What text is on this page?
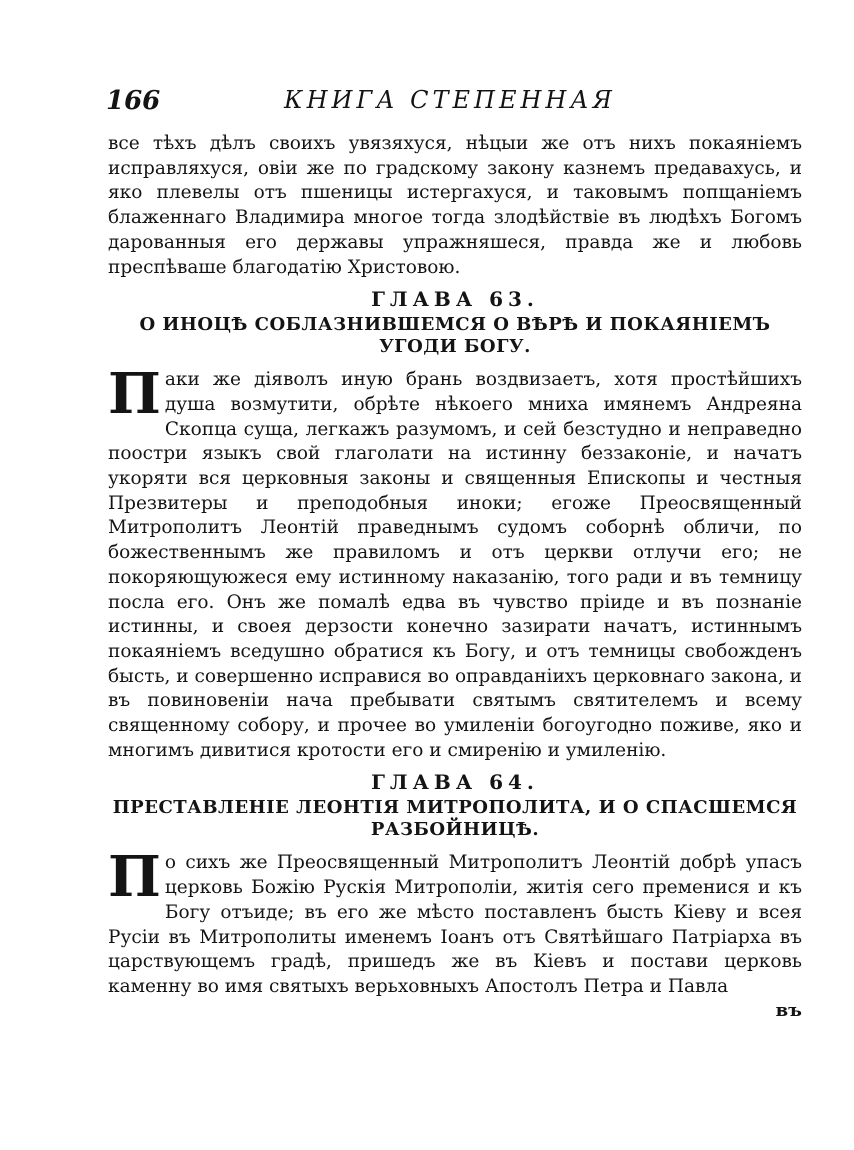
166	КНИГА СТЕПЕННАЯ

все тѣхъ дѣлъ своихъ увязяхуся, нѣцыи же отъ нихъ покаяніемъ исправляхуся, овіи же по градскому закону казнемъ предавахусь, и яко плевелы отъ пшеницы истергахуся, и таковымъ попщаніемъ блаженнаго Владимира многое тогда злодѣйствіе въ людѣхъ Богомъ дарованныя его державы упражняшеся, правда же и любовь преспѣваше благодатію Христовою.

ГЛАВА 63.
О ИНОЦѢ СОБЛАЗНИВШЕМСЯ О ВѢРѢ И ПОКАЯНІЕМЪ УГОДИ БОГУ.

Паки же діяволъ иную брань воздвизаетъ, хотя простѣйшихъ душа возмутити, обрѣте нѣкоего мниха имянемъ Андреяна Скопца суща, легкажъ разумомъ, и сей безстудно и неправедно поостри языкъ свой глаголати на истинну беззаконіе, и начатъ укоряти вся церковныя законы и священныя Епископы и честныя Презвитеры и преподобныя иноки; егоже Преосвященный Митрополитъ Леонтій праведнымъ судомъ соборнѣ обличи, по божественнымъ же правиломъ и отъ церкви отлучи его; не покоряющуюжеся ему истинному наказанію, того ради и въ темницу посла его. Онъ же помалѣ едва въ чувство пріиде и въ познаніе истинны, и своея дерзости конечно зазирати начатъ, истиннымъ покаяніемъ вседушно обратися къ Богу, и отъ темницы свобожденъ бысть, и совершенно исправися во оправданіихъ церковнаго закона, и въ повиновеніи нача пребывати святымъ святителемъ и всему священному собору, и прочее во умиленіи богоугодно поживе, яко и многимъ дивитися кротости его и смиренію и умиленію.

ГЛАВА 64.
ПРЕСТАВЛЕНІЕ ЛЕОНТІЯ МИТРОПОЛИТА, И О СПАСШЕМСЯ РАЗБОЙНИЦѢ.

По сихъ же Преосвященный Митрополитъ Леонтій добрѣ упасъ церковь Божію Рускія Митрополіи, житія сего пременися и къ Богу отъиде; въ его же мѣсто поставленъ бысть Кіеву и всея Русіи въ Митрополиты именемъ Іоанъ отъ Святѣйшаго Патріарха въ царствующемъ градѣ, пришедъ же въ Кіевъ и постави церковь каменну во имя святыхъ верьховныхъ Апостолъ Петра и Павла

въ
